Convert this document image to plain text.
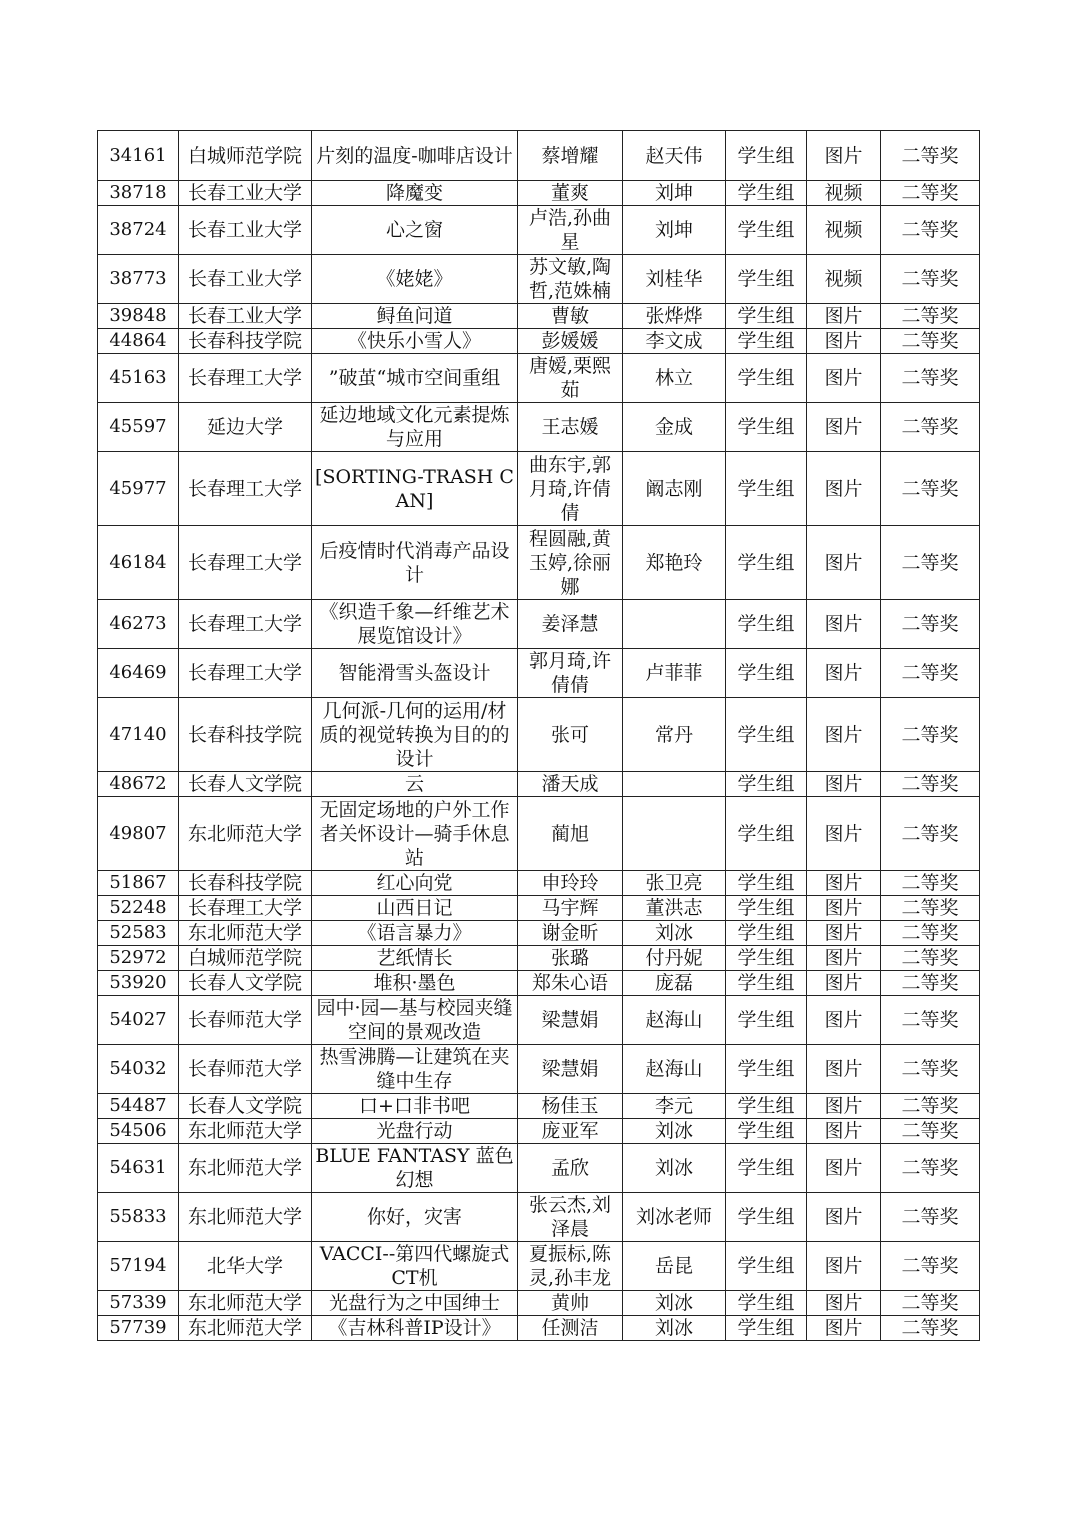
34161	白城师范学院	片刻的温度-咖啡店设计	蔡增耀	赵天伟	学生组	图片	二等奖
38718	长春工业大学	降魔变	董爽	刘坤	学生组	视频	二等奖
38724	长春工业大学	心之窗	卢浩,孙曲星	刘坤	学生组	视频	二等奖
38773	长春工业大学	《姥姥》	苏文敏,陶哲,范姝楠	刘桂华	学生组	视频	二等奖
39848	长春工业大学	鲟鱼问道	曹敏	张烨烨	学生组	图片	二等奖
44864	长春科技学院	《快乐小雪人》	彭媛媛	李文成	学生组	图片	二等奖
45163	长春理工大学	”破茧“城市空间重组	唐嫒,栗熙茹	林立	学生组	图片	二等奖
45597	延边大学	延边地域文化元素提炼与应用	王志媛	金成	学生组	图片	二等奖
45977	长春理工大学	[SORTING-TRASH CAN]	曲东宇,郭月琦,许倩倩	阚志刚	学生组	图片	二等奖
46184	长春理工大学	后疫情时代消毒产品设计	程圆融,黄玉婷,徐丽娜	郑艳玲	学生组	图片	二等奖
46273	长春理工大学	《织造千象—纤维艺术展览馆设计》	姜泽慧		学生组	图片	二等奖
46469	长春理工大学	智能滑雪头盔设计	郭月琦,许倩倩	卢菲菲	学生组	图片	二等奖
47140	长春科技学院	几何派-几何的运用/材质的视觉转换为目的的设计	张可	常丹	学生组	图片	二等奖
48672	长春人文学院	云	潘天成		学生组	图片	二等奖
49807	东北师范大学	无固定场地的户外工作者关怀设计—骑手休息站	蔺旭		学生组	图片	二等奖
51867	长春科技学院	红心向党	申玲玲	张卫亮	学生组	图片	二等奖
52248	长春理工大学	山西日记	马宇辉	董洪志	学生组	图片	二等奖
52583	东北师范大学	《语言暴力》	谢金昕	刘冰	学生组	图片	二等奖
52972	白城师范学院	艺纸情长	张璐	付丹妮	学生组	图片	二等奖
53920	长春人文学院	堆积·墨色	郑朱心语	庞磊	学生组	图片	二等奖
54027	长春师范大学	园中·园—基与校园夹缝空间的景观改造	梁慧娟	赵海山	学生组	图片	二等奖
54032	长春师范大学	热雪沸腾—让建筑在夹缝中生存	梁慧娟	赵海山	学生组	图片	二等奖
54487	长春人文学院	口+口非书吧	杨佳玉	李元	学生组	图片	二等奖
54506	东北师范大学	光盘行动	庞亚军	刘冰	学生组	图片	二等奖
54631	东北师范大学	BLUE FANTASY 蓝色幻想	孟欣	刘冰	学生组	图片	二等奖
55833	东北师范大学	你好，灾害	张云杰,刘泽晨	刘冰老师	学生组	图片	二等奖
57194	北华大学	VACCI--第四代螺旋式CT机	夏振标,陈灵,孙丰龙	岳昆	学生组	图片	二等奖
57339	东北师范大学	光盘行为之中国绅士	黄帅	刘冰	学生组	图片	二等奖
57739	东北师范大学	《吉林科普IP设计》	任测洁	刘冰	学生组	图片	二等奖
